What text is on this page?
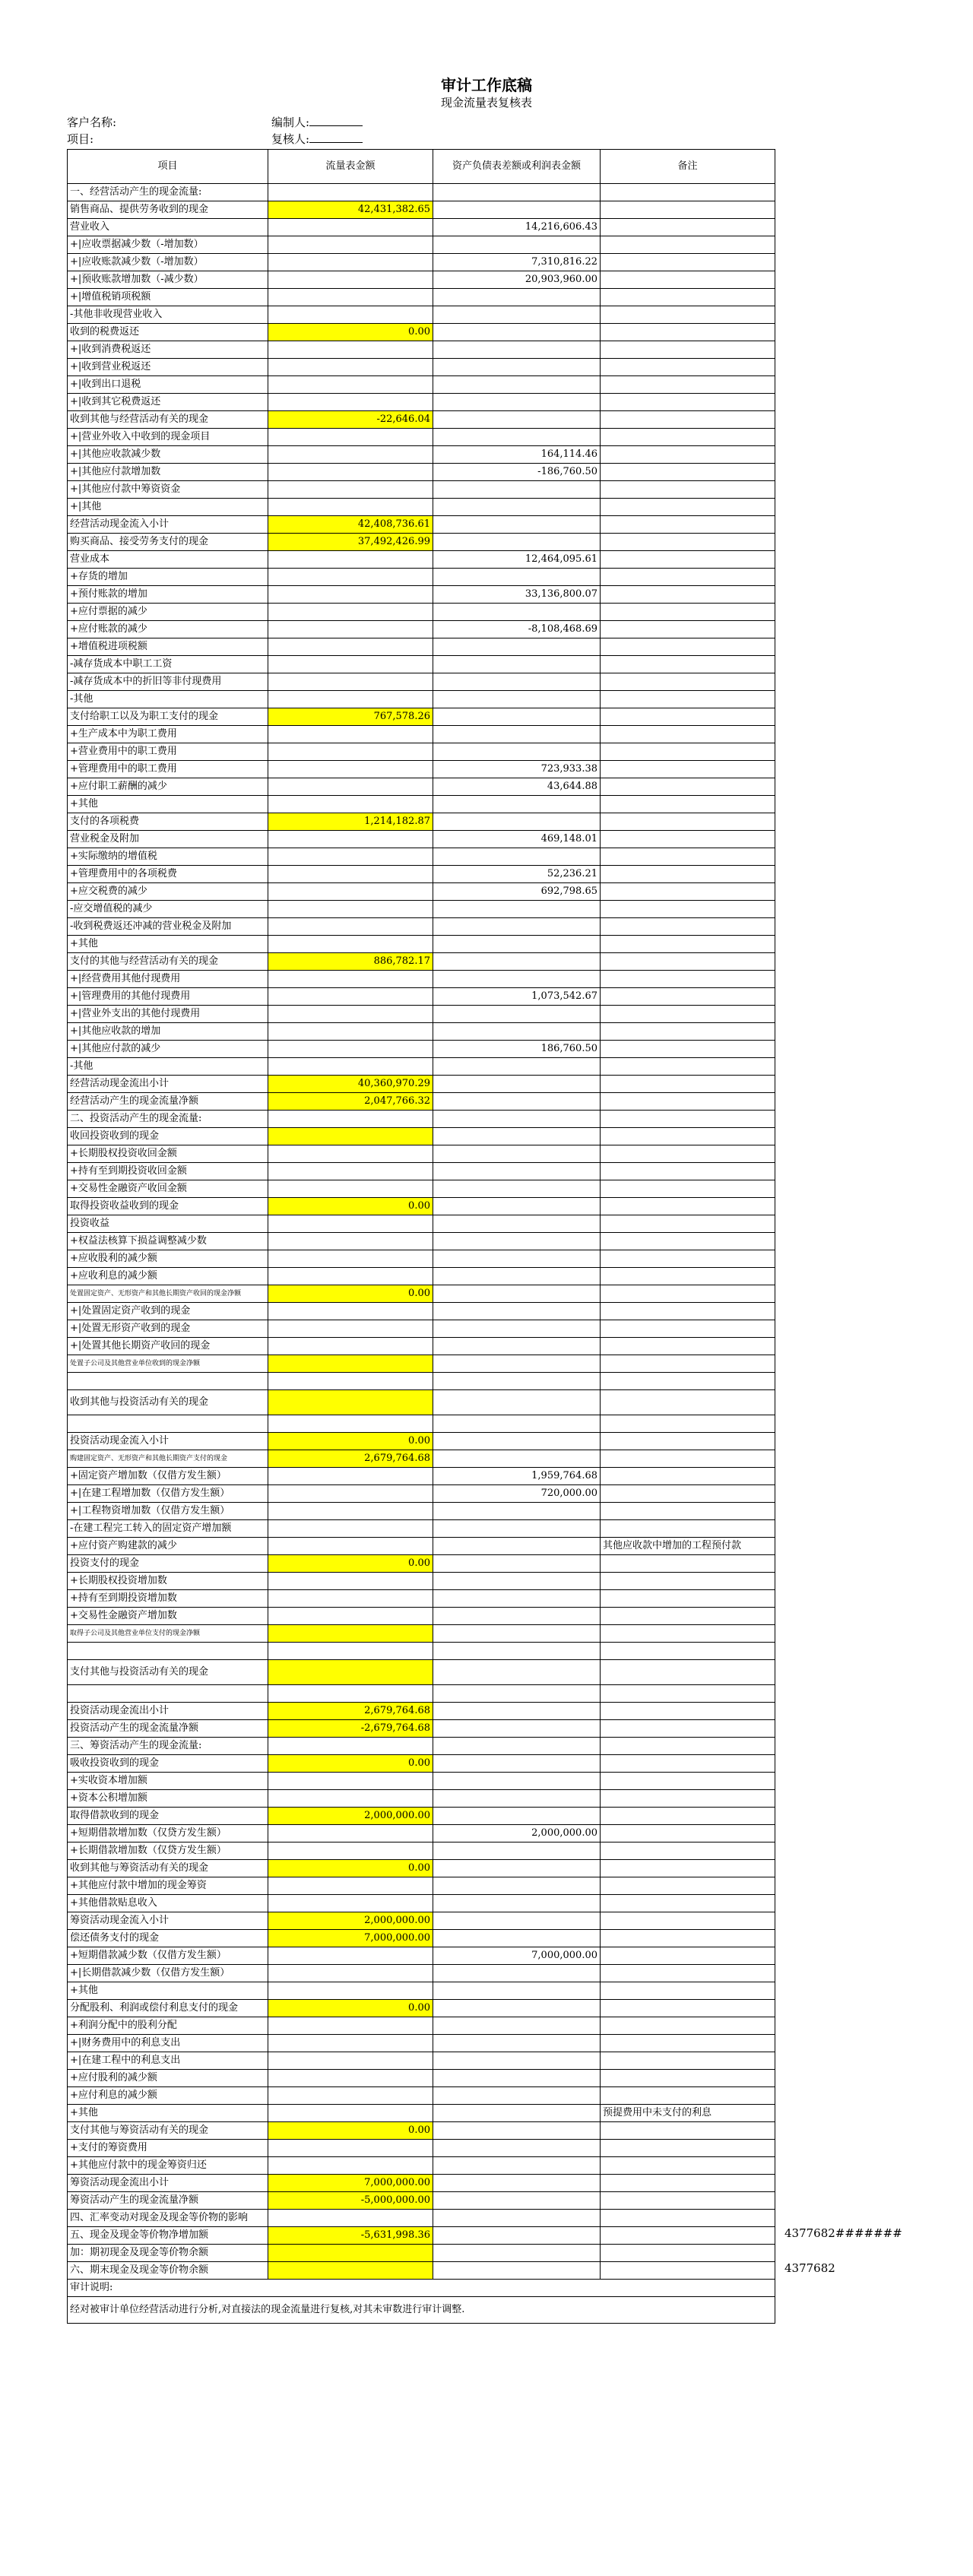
审计工作底稿
现金流量表复核表
客户名称:
项目:
编制人:
复核人:
项目	流量表金额	资产负债表差额或利润表金额	备注
一、经营活动产生的现金流量:			
销售商品、提供劳务收到的现金	42,431,382.65		
营业收入		14,216,606.43	
+|应收票据减少数（-增加数）			
+|应收账款减少数（-增加数）		7,310,816.22	
+|预收账款增加数（-减少数）		20,903,960.00	
+|增值税销项税额			
-其他非收现营业收入			
收到的税费返还	0.00		
+|收到消费税返还			
+|收到营业税返还			
+|收到出口退税			
+|收到其它税费返还			
收到其他与经营活动有关的现金	-22,646.04		
+|营业外收入中收到的现金项目			
+|其他应收款减少数		164,114.46	
+|其他应付款增加数		-186,760.50	
+|其他应付款中筹资资金			
+|其他			
经营活动现金流入小计	42,408,736.61		
购买商品、接受劳务支付的现金	37,492,426.99		
营业成本		12,464,095.61	
+存货的增加			
+预付账款的增加		33,136,800.07	
+应付票据的减少			
+应付账款的减少		-8,108,468.69	
+增值税进项税额			
-减存货成本中职工工资			
-减存货成本中的折旧等非付现费用			
-其他			
支付给职工以及为职工支付的现金	767,578.26		
+生产成本中为职工费用			
+营业费用中的职工费用			
+管理费用中的职工费用		723,933.38	
+应付职工薪酬的减少		43,644.88	
+其他			
支付的各项税费	1,214,182.87		
营业税金及附加		469,148.01	
+实际缴纳的增值税			
+管理费用中的各项税费		52,236.21	
+应交税费的减少		692,798.65	
-应交增值税的减少			
-收到税费返还冲减的营业税金及附加			
+其他			
支付的其他与经营活动有关的现金	886,782.17		
+|经营费用其他付现费用			
+|管理费用的其他付现费用		1,073,542.67	
+|营业外支出的其他付现费用			
+|其他应收款的增加			
+|其他应付款的减少		186,760.50	
-其他			
经营活动现金流出小计	40,360,970.29		
经营活动产生的现金流量净额	2,047,766.32		
二、投资活动产生的现金流量:			
收回投资收到的现金			
+长期股权投资收回金额			
+持有至到期投资收回金额			
+交易性金融资产收回金额			
取得投资收益收到的现金	0.00		
投资收益			
+权益法核算下损益调整减少数			
+应收股利的减少额			
+应收利息的减少额			
处置固定资产、无形资产和其他长期资产收回的现金净额	0.00		
+|处置固定资产收到的现金			
+|处置无形资产收到的现金			
+|处置其他长期资产收回的现金			
处置子公司及其他营业单位收到的现金净额			

收到其他与投资活动有关的现金			

投资活动现金流入小计	0.00		
购建固定资产、无形资产和其他长期资产支付的现金	2,679,764.68		
+固定资产增加数（仅借方发生额）		1,959,764.68	
+|在建工程增加数（仅借方发生额）		720,000.00	
+|工程物资增加数（仅借方发生额）			
-在建工程完工转入的固定资产增加额			
+应付资产购建款的减少			其他应收款中增加的工程预付款
投资支付的现金	0.00		
+长期股权投资增加数			
+持有至到期投资增加数			
+交易性金融资产增加数			
取得子公司及其他营业单位支付的现金净额			

支付其他与投资活动有关的现金			

投资活动现金流出小计	2,679,764.68		
投资活动产生的现金流量净额	-2,679,764.68		
三、筹资活动产生的现金流量:			
吸收投资收到的现金	0.00		
+实收资本增加额			
+资本公积增加额			
取得借款收到的现金	2,000,000.00		
+短期借款增加数（仅贷方发生额）		2,000,000.00	
+长期借款增加数（仅贷方发生额）			
收到其他与筹资活动有关的现金	0.00		
+其他应付款中增加的现金筹资			
+其他借款贴息收入			
筹资活动现金流入小计	2,000,000.00		
偿还债务支付的现金	7,000,000.00		
+短期借款减少数（仅借方发生额）		7,000,000.00	
+|长期借款减少数（仅借方发生额）			
+其他			
分配股利、利润或偿付利息支付的现金	0.00		
+利润分配中的股利分配			
+|财务费用中的利息支出			
+|在建工程中的利息支出			
+应付股利的减少额			
+应付利息的减少额			
+其他			预提费用中未支付的利息
支付其他与筹资活动有关的现金	0.00		
+支付的筹资费用			
+其他应付款中的现金筹资归还			
筹资活动现金流出小计	7,000,000.00		
筹资活动产生的现金流量净额	-5,000,000.00		
四、汇率变动对现金及现金等价物的影响			
五、现金及现金等价物净增加额	-5,631,998.36		
加：期初现金及现金等价物余额			
六、期末现金及现金等价物余额			
审计说明:			
经对被审计单位经营活动进行分析,对直接法的现金流量进行复核,对其未审数进行审计调整.			
4377682#######
4377682
